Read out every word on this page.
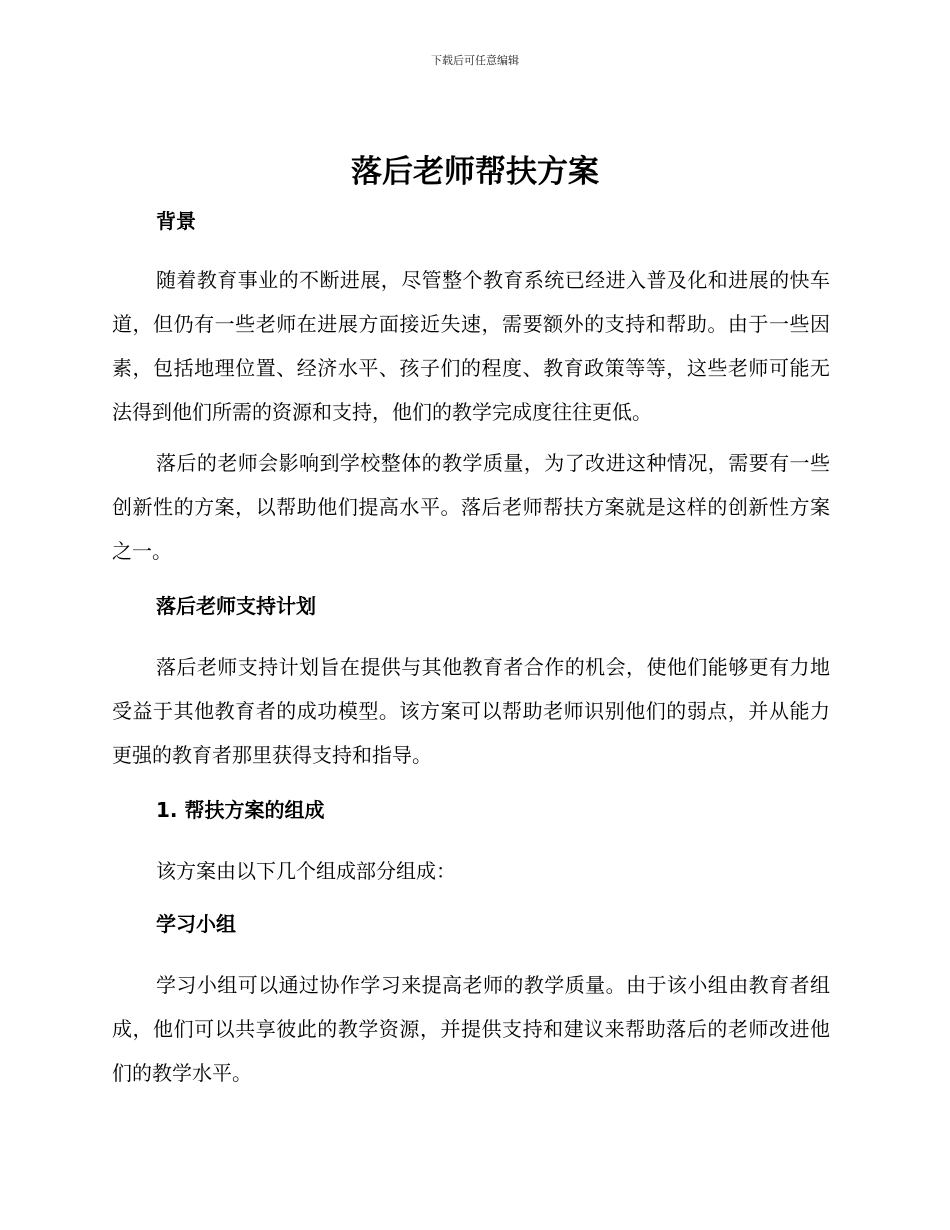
下载后可任意编辑
落后老师帮扶方案
背景

随着教育事业的不断进展，尽管整个教育系统已经进入普及化和进展的快车道，但仍有一些老师在进展方面接近失速，需要额外的支持和帮助。由于一些因素，包括地理位置、经济水平、孩子们的程度、教育政策等等，这些老师可能无法得到他们所需的资源和支持，他们的教学完成度往往更低。

落后的老师会影响到学校整体的教学质量，为了改进这种情况，需要有一些创新性的方案，以帮助他们提高水平。落后老师帮扶方案就是这样的创新性方案之一。

落后老师支持计划

落后老师支持计划旨在提供与其他教育者合作的机会，使他们能够更有力地受益于其他教育者的成功模型。该方案可以帮助老师识别他们的弱点，并从能力更强的教育者那里获得支持和指导。

1. 帮扶方案的组成

该方案由以下几个组成部分组成：

学习小组

学习小组可以通过协作学习来提高老师的教学质量。由于该小组由教育者组成，他们可以共享彼此的教学资源，并提供支持和建议来帮助落后的老师改进他们的教学水平。
